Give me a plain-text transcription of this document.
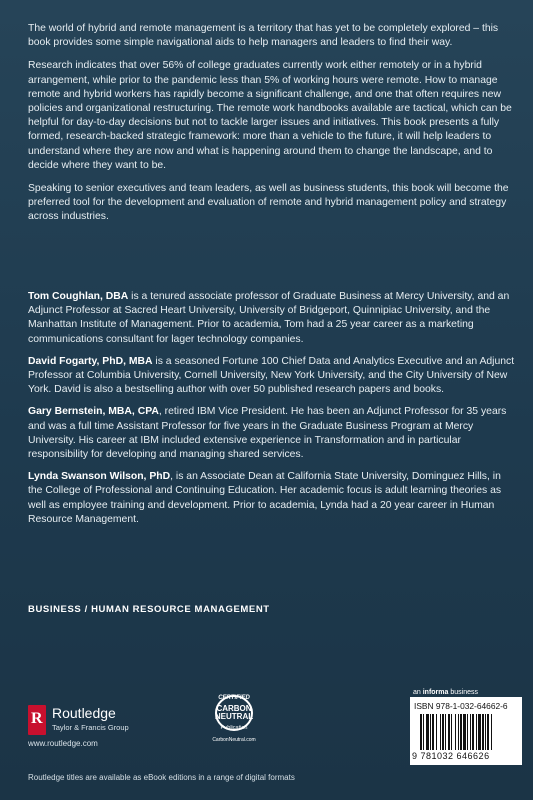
The world of hybrid and remote management is a territory that has yet to be completely explored – this book provides some simple navigational aids to help managers and leaders to find their way.

Research indicates that over 56% of college graduates currently work either remotely or in a hybrid arrangement, while prior to the pandemic less than 5% of working hours were remote. How to manage remote and hybrid workers has rapidly become a significant challenge, and one that often requires new policies and organizational restructuring. The remote work handbooks available are tactical, which can be helpful for day-to-day decisions but not to tackle larger issues and initiatives. This book presents a fully formed, research-backed strategic framework: more than a vehicle to the future, it will help leaders to understand where they are now and what is happening around them to change the landscape, and to decide where they want to be.

Speaking to senior executives and team leaders, as well as business students, this book will become the preferred tool for the development and evaluation of remote and hybrid management policy and strategy across industries.

Tom Coughlan, DBA is a tenured associate professor of Graduate Business at Mercy University, and an Adjunct Professor at Sacred Heart University, University of Bridgeport, Quinnipiac University, and the Manhattan Institute of Management. Prior to academia, Tom had a 25 year career as a marketing communications consultant for lager technology companies.

David Fogarty, PhD, MBA is a seasoned Fortune 100 Chief Data and Analytics Executive and an Adjunct Professor at Columbia University, Cornell University, New York University, and the City University of New York. David is also a bestselling author with over 50 published research papers and books.

Gary Bernstein, MBA, CPA, retired IBM Vice President. He has been an Adjunct Professor for 35 years and was a full time Assistant Professor for five years in the Graduate Business Program at Mercy University. His career at IBM included extensive experience in Transformation and in particular responsibility for developing and managing shared services.

Lynda Swanson Wilson, PhD, is an Associate Dean at California State University, Dominguez Hills, in the College of Professional and Continuing Education. Her academic focus is adult learning theories as well as employee training and development. Prior to academia, Lynda had a 20 year career in Human Resource Management.

BUSINESS / HUMAN RESOURCE MANAGEMENT
R Routledge
Taylor & Francis Group
www.routledge.com
CERTIFIED
CARBON
NEUTRAL
Publication
CarbonNeutral.com
an informa business
ISBN 978-1-032-64662-6
9 781032 646626
Routledge titles are available as eBook editions in a range of digital formats
